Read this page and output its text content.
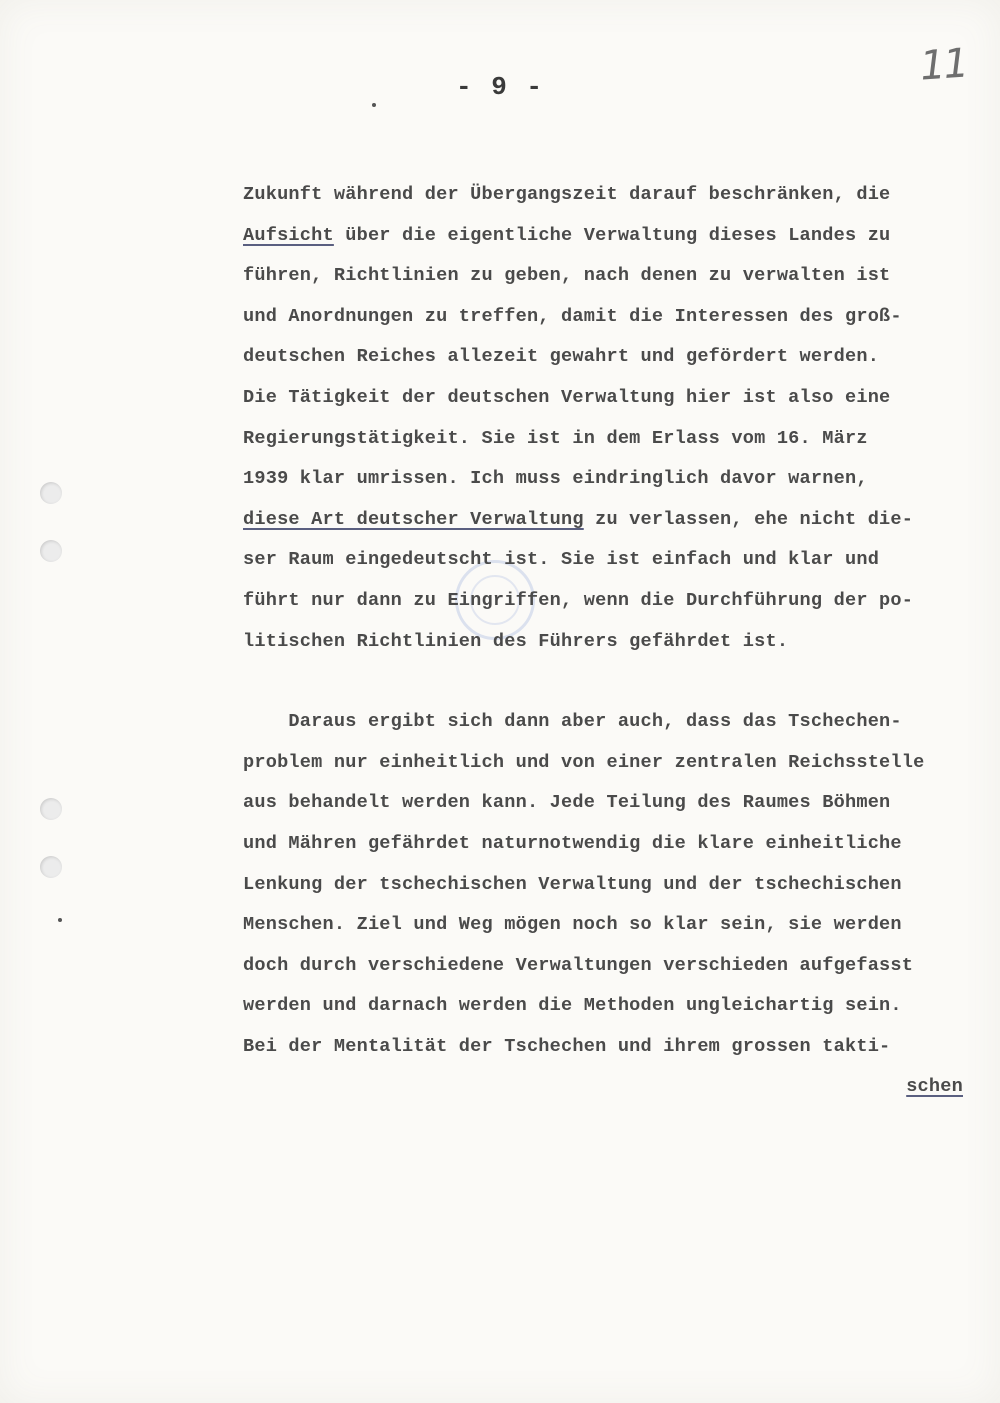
- 9 -	11
Zukunft während der Übergangszeit darauf beschränken, die
Aufsicht über die eigentliche Verwaltung dieses Landes zu
führen, Richtlinien zu geben, nach denen zu verwalten ist
und Anordnungen zu treffen, damit die Interessen des groß-
deutschen Reiches allezeit gewahrt und gefördert werden.
Die Tätigkeit der deutschen Verwaltung hier ist also eine
Regierungstätigkeit. Sie ist in dem Erlass vom 16. März
1939 klar umrissen. Ich muss eindringlich davor warnen,
diese Art deutscher Verwaltung zu verlassen, ehe nicht die-
ser Raum eingedeutscht ist. Sie ist einfach und klar und
führt nur dann zu Eingriffen, wenn die Durchführung der po-
litischen Richtlinien des Führers gefährdet ist.
Daraus ergibt sich dann aber auch, dass das Tschechen-
problem nur einheitlich und von einer zentralen Reichsstelle
aus behandelt werden kann. Jede Teilung des Raumes Böhmen
und Mähren gefährdet naturnotwendig die klare einheitliche
Lenkung der tschechischen Verwaltung und der tschechischen
Menschen. Ziel und Weg mögen noch so klar sein, sie werden
doch durch verschiedene Verwaltungen verschieden aufgefasst
werden und darnach werden die Methoden ungleichartig sein.
Bei der Mentalität der Tschechen und ihrem grossen takti-
schen
